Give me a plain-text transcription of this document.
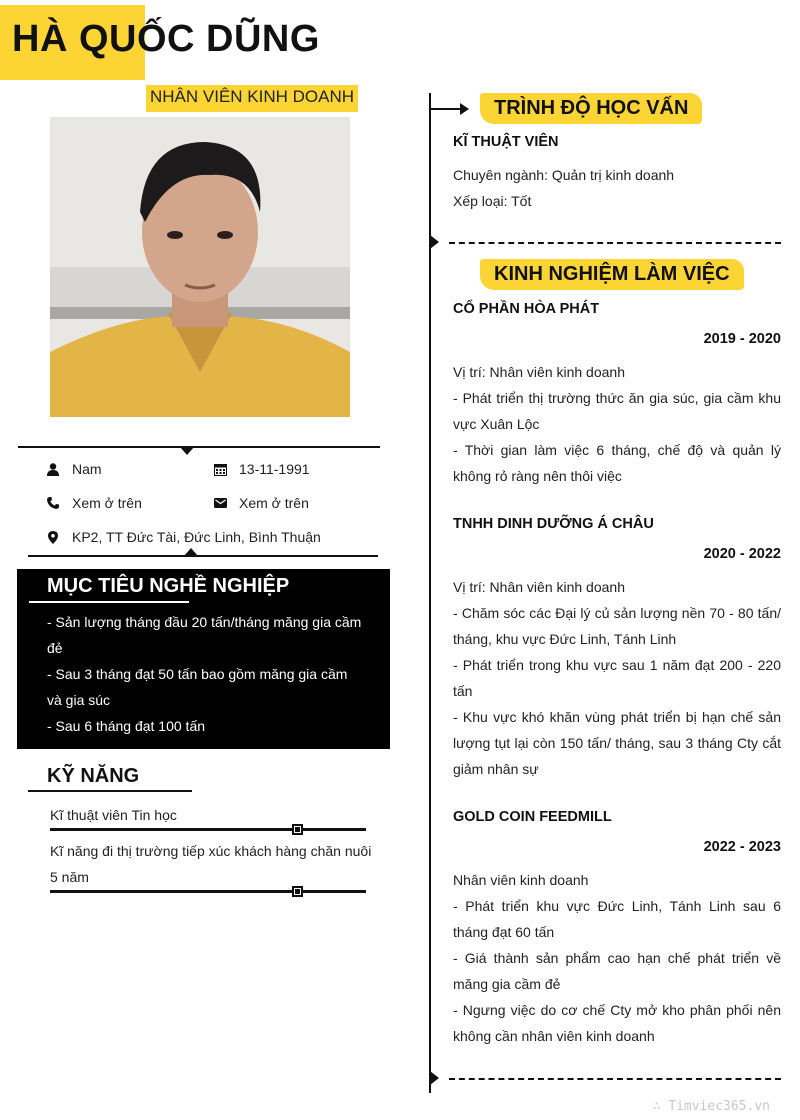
HÀ QUỐC DŨNG
NHÂN VIÊN KINH DOANH
Nam	13-11-1991
Xem ở trên	Xem ở trên
KP2, TT Đức Tài, Đức Linh, Bình Thuận
MỤC TIÊU NGHỀ NGHIỆP
- Sản lượng tháng đầu 20 tấn/tháng măng gia cầm
đẻ
- Sau 3 tháng đạt 50 tấn bao gồm măng gia cầm
và gia súc
- Sau 6 tháng đạt 100 tấn
KỸ NĂNG
Kĩ thuật viên Tin học
Kĩ năng đi thị trường tiếp xúc khách hàng chăn nuôi 5 năm
TRÌNH ĐỘ HỌC VẤN
KĨ THUẬT VIÊN
Chuyên ngành: Quản trị kinh doanh
Xếp loại: Tốt
KINH NGHIỆM LÀM VIỆC
CỔ PHẦN HÒA PHÁT
2019 - 2020
Vị trí: Nhân viên kinh doanh
- Phát triển thị trường thức ăn gia súc, gia cầm khu vực Xuân Lộc
- Thời gian làm việc 6 tháng, chế độ và quản lý không rỏ ràng nên thôi việc
TNHH DINH DƯỠNG Á CHÂU
2020 - 2022
Vị trí: Nhân viên kinh doanh
- Chăm sóc các Đại lý củ sản lượng nền 70 - 80 tấn/ tháng, khu vực Đức Linh, Tánh Linh
- Phát triển trong khu vực sau 1 năm đạt 200 - 220 tấn
- Khu vực khó khăn vùng phát triển bị hạn chế sản lượng tụt lại còn 150 tấn/ tháng, sau 3 tháng Cty cắt giảm nhân sự
GOLD COIN FEEDMILL
2022 - 2023
Nhân viên kinh doanh
- Phát triển khu vực Đức Linh, Tánh Linh sau 6 tháng đạt 60 tấn
- Giá thành sản phẩm cao hạn chế phát triển về măng gia cầm đẻ
- Ngưng việc do cơ chế Cty mở kho phân phối nên không cần nhân viên kinh doanh
∴ Timviec365.vn
